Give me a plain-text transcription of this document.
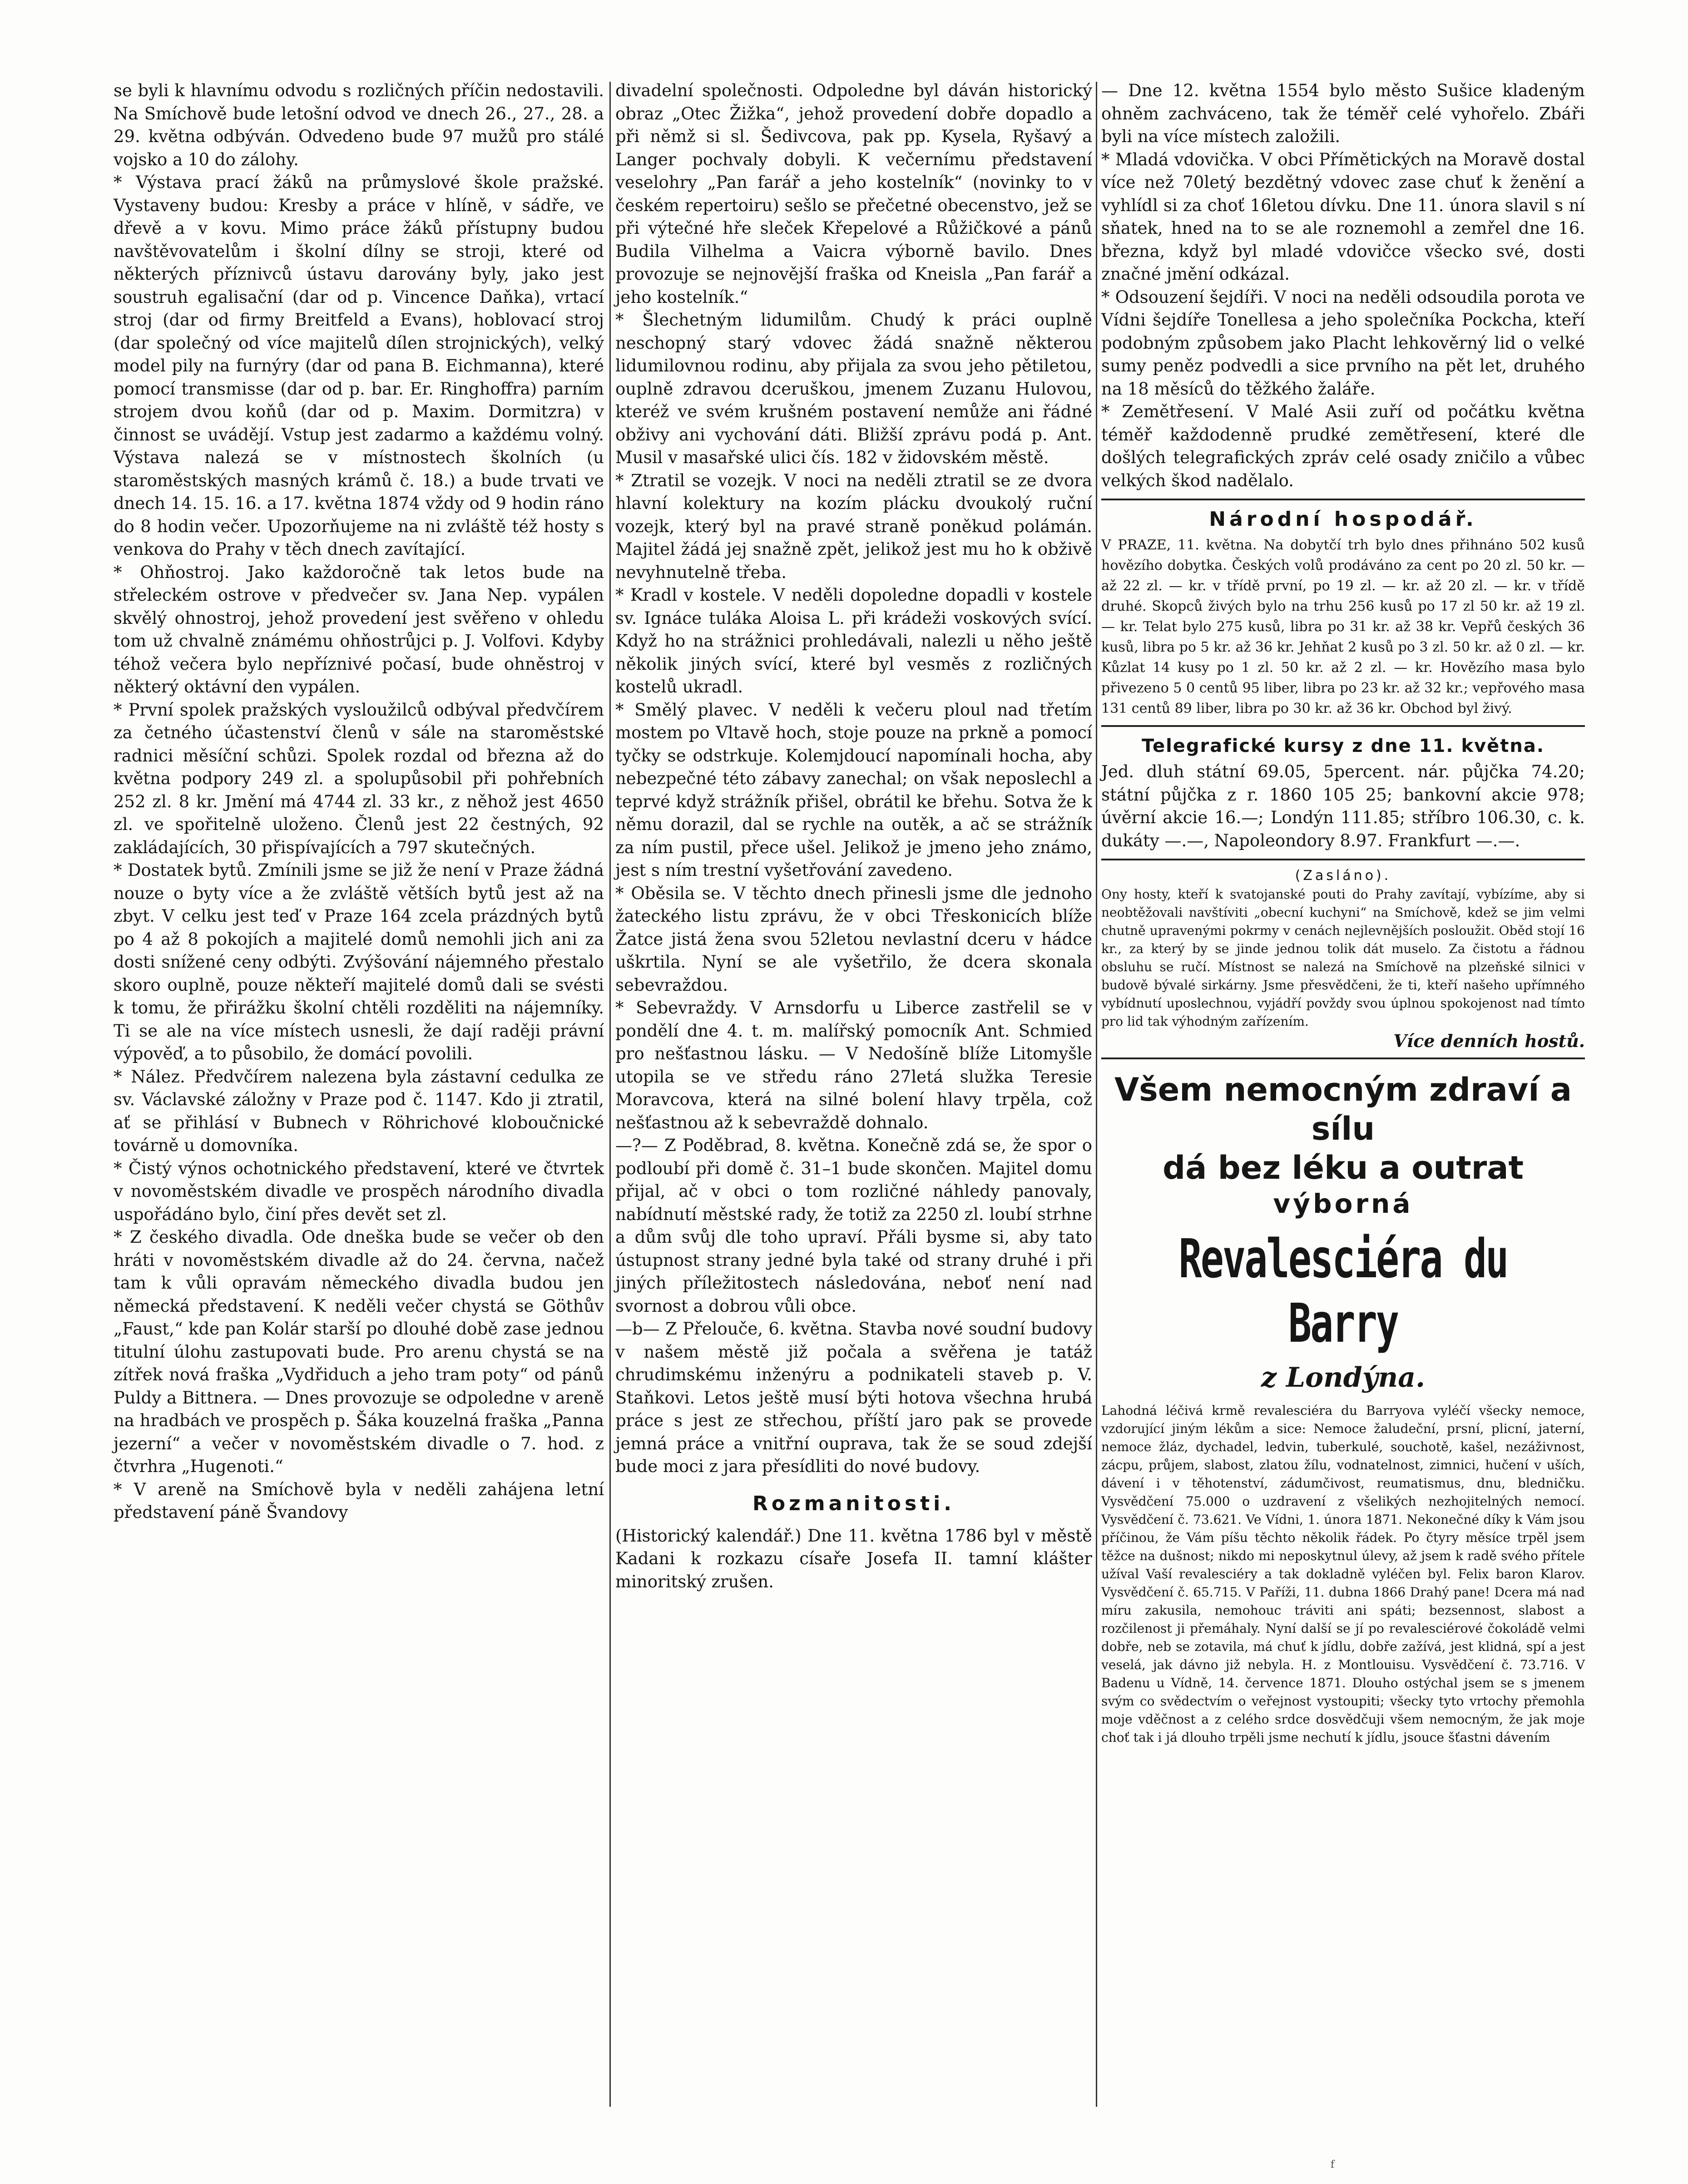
se byli k hlavnímu odvodu s rozličných příčin nedostavili. Na Smíchově bude letošní odvod ve dnech 26., 27., 28. a 29. května odbýván. Odvedeno bude 97 mužů pro stálé vojsko a 10 do zálohy.

* Výstava prací žáků na průmyslové škole pražské. Vystaveny budou: Kresby a práce v hlíně, v sádře, ve dřevě a v kovu. Mimo práce žáků přístupny budou navštěvovatelům i školní dílny se stroji, které od některých příznivců ústavu darovány byly, jako jest soustruh egalisační (dar od p. Vincence Daňka), vrtací stroj (dar od firmy Breitfeld a Evans), hoblovací stroj (dar společný od více majitelů dílen strojnických), velký model pily na furnýry (dar od pana B. Eichmanna), které pomocí transmisse (dar od p. bar. Er. Ringhoffra) parním strojem dvou koňů (dar od p. Maxim. Dormitzra) v činnost se uvádějí. Vstup jest zadarmo a každému volný. Výstava nalezá se v místnostech školních (u staroměstských masných krámů č. 18.) a bude trvati ve dnech 14. 15. 16. a 17. května 1874 vždy od 9 hodin ráno do 8 hodin večer. Upozorňujeme na ni zvláště též hosty s venkova do Prahy v těch dnech zavítající.

* Ohňostroj. Jako každoročně tak letos bude na střeleckém ostrove v předvečer sv. Jana Nep. vypálen skvělý ohnostroj, jehož provedení jest svěřeno v ohledu tom už chvalně známému ohňostrůjci p. J. Volfovi. Kdyby téhož večera bylo nepříznivé počasí, bude ohněstroj v některý oktávní den vypálen.

* První spolek pražských vysloužilců odbýval předvčírem za četného účastenství členů v sále na staroměstské radnici měsíční schůzi. Spolek rozdal od března až do května podpory 249 zl. a spolupůsobil při pohřebních 252 zl. 8 kr. Jmění má 4744 zl. 33 kr., z něhož jest 4650 zl. ve spořitelně uloženo. Členů jest 22 čestných, 92 zakládajících, 30 přispívajících a 797 skutečných.

* Dostatek bytů. Zmínili jsme se již že není v Praze žádná nouze o byty více a že zvláště větších bytů jest až na zbyt. V celku jest teď v Praze 164 zcela prázdných bytů po 4 až 8 pokojích a majitelé domů nemohli jich ani za dosti snížené ceny odbýti. Zvýšování nájemného přestalo skoro ouplně, pouze někteří majitelé domů dali se svésti k tomu, že přirážku školní chtěli rozděliti na nájemníky. Ti se ale na více místech usnesli, že dají raději právní výpověď, a to působilo, že domácí povolili.

* Nález. Předvčírem nalezena byla zástavní cedulka ze sv. Václavské záložny v Praze pod č. 1147. Kdo ji ztratil, ať se přihlásí v Bubnech v Röhrichové kloboučnické továrně u domovníka.

* Čistý výnos ochotnického představení, které ve čtvrtek v novoměstském divadle ve prospěch národního divadla uspořádáno bylo, činí přes devět set zl.

* Z českého divadla. Ode dneška bude se večer ob den hráti v novoměstském divadle až do 24. června, načež tam k vůli opravám německého divadla budou jen německá představení. K neděli večer chystá se Göthův „Faust,“ kde pan Kolár starší po dlouhé době zase jednou titulní úlohu zastupovati bude. Pro arenu chystá se na zítřek nová fraška „Vydřiduch a jeho tram poty“ od pánů Puldy a Bittnera. — Dnes provozuje se odpoledne v areně na hradbách ve prospěch p. Šáka kouzelná fraška „Panna jezerní“ a večer v novoměstském divadle o 7. hod. z čtvrhra „Hugenoti.“

* V areně na Smíchově byla v neděli zahájena letní představení páně Švandovy

divadelní společnosti. Odpoledne byl dáván historický obraz „Otec Žižka“, jehož provedení dobře dopadlo a při němž si sl. Šedivcova, pak pp. Kysela, Ryšavý a Langer pochvaly dobyli. K večernímu představení veselohry „Pan farář a jeho kostelník“ (novinky to v českém repertoiru) sešlo se přečetné obecenstvo, jež se při výtečné hře sleček Křepelové a Růžičkové a pánů Budila Vilhelma a Vaicra výborně bavilo. Dnes provozuje se nejnovější fraška od Kneisla „Pan farář a jeho kostelník.“

* Šlechetným lidumilům. Chudý k práci ouplně neschopný starý vdovec žádá snažně některou lidumilovnou rodinu, aby přijala za svou jeho pětiletou, ouplně zdravou dceruškou, jmenem Zuzanu Hulovou, kteréž ve svém krušném postavení nemůže ani řádné obživy ani vychování dáti. Bližší zprávu podá p. Ant. Musil v masařské ulici čís. 182 v židovském městě.

* Ztratil se vozejk. V noci na neděli ztratil se ze dvora hlavní kolektury na kozím plácku dvoukolý ruční vozejk, který byl na pravé straně poněkud polámán. Majitel žádá jej snažně zpět, jelikož jest mu ho k obživě nevyhnutelně třeba.

* Kradl v kostele. V neděli dopoledne dopadli v kostele sv. Ignáce tuláka Aloisa L. při krádeži voskových svící. Když ho na strážnici prohledávali, nalezli u něho ještě několik jiných svící, které byl vesměs z rozličných kostelů ukradl.

* Smělý plavec. V neděli k večeru ploul nad třetím mostem po Vltavě hoch, stoje pouze na prkně a pomocí tyčky se odstrkuje. Kolemjdoucí napomínali hocha, aby nebezpečné této zábavy zanechal; on však neposlechl a teprvé když strážník přišel, obrátil ke břehu. Sotva že k němu dorazil, dal se rychle na outěk, a ač se strážník za ním pustil, přece ušel. Jelikož je jmeno jeho známo, jest s ním trestní vyšetřování zavedeno.

* Oběsila se. V těchto dnech přinesli jsme dle jednoho žateckého listu zprávu, že v obci Třeskonicích blíže Žatce jistá žena svou 52letou nevlastní dceru v hádce uškrtila. Nyní se ale vyšetřilo, že dcera skonala sebevraždou.

* Sebevraždy. V Arnsdorfu u Liberce zastřelil se v pondělí dne 4. t. m. malířský pomocník Ant. Schmied pro nešťastnou lásku. — V Nedošíně blíže Litomyšle utopila se ve středu ráno 27letá služka Teresie Moravcova, která na silné bolení hlavy trpěla, což nešťastnou až k sebevraždě dohnalo.

—?— Z Poděbrad, 8. května. Konečně zdá se, že spor o podloubí při domě č. 31–1 bude skončen. Majitel domu přijal, ač v obci o tom rozličné náhledy panovaly, nabídnutí městské rady, že totiž za 2250 zl. loubí strhne a dům svůj dle toho upraví. Přáli bysme si, aby tato ústupnost strany jedné byla také od strany druhé i při jiných příležitostech následována, neboť není nad svornost a dobrou vůli obce.

—b— Z Přelouče, 6. května. Stavba nové soudní budovy v našem městě již počala a svěřena je tatáž chrudimskému inženýru a podnikateli staveb p. V. Staňkovi. Letos ještě musí býti hotova všechna hrubá práce s jest ze střechou, příští jaro pak se provede jemná práce a vnitřní ouprava, tak že se soud zdejší bude moci z jara přesídliti do nové budovy.

Rozmanitosti.

(Historický kalendář.) Dne 11. května 1786 byl v městě Kadani k rozkazu císaře Josefa II. tamní klášter minoritský zrušen.

— Dne 12. května 1554 bylo město Sušice kladeným ohněm zachváceno, tak že téměř celé vyhořelo. Zbáři byli na více místech založili.

* Mladá vdovička. V obci Přímětických na Moravě dostal více než 70letý bezdětný vdovec zase chuť k ženění a vyhlídl si za choť 16letou dívku. Dne 11. února slavil s ní sňatek, hned na to se ale roznemohl a zemřel dne 16. března, když byl mladé vdovičce všecko své, dosti značné jmění odkázal.

* Odsouzení šejdíři. V noci na neděli odsoudila porota ve Vídni šejdíře Tonellesa a jeho společníka Pockcha, kteří podobným způsobem jako Placht lehkověrný lid o velké sumy peněz podvedli a sice prvního na pět let, druhého na 18 měsíců do těžkého žaláře.

* Zemětřesení. V Malé Asii zuří od počátku května téměř každodenně prudké zemětřesení, které dle došlých telegrafických zpráv celé osady zničilo a vůbec velkých škod nadělalo.

Národní hospodář.

V PRAZE, 11. května. Na dobytčí trh bylo dnes přihnáno 502 kusů hovězího dobytka. Českých volů prodáváno za cent po 20 zl. 50 kr. — až 22 zl. — kr. v třídě první, po 19 zl. — kr. až 20 zl. — kr. v třídě druhé. Skopců živých bylo na trhu 256 kusů po 17 zl 50 kr. až 19 zl. — kr. Telat bylo 275 kusů, libra po 31 kr. až 38 kr. Vepřů českých 36 kusů, libra po 5 kr. až 36 kr. Jehňat 2 kusů po 3 zl. 50 kr. až 0 zl. — kr. Kůzlat 14 kusy po 1 zl. 50 kr. až 2 zl. — kr. Hovězího masa bylo přivezeno 5 0 centů 95 liber, libra po 23 kr. až 32 kr.; vepřového masa 131 centů 89 liber, libra po 30 kr. až 36 kr. Obchod byl živý.

Telegrafické kursy z dne 11. května.

Jed. dluh státní 69.05, 5percent. nár. půjčka 74.20; státní půjčka z r. 1860 105 25; bankovní akcie 978; úvěrní akcie 16.—; Londýn 111.85; stříbro 106.30, c. k. dukáty —.—, Napoleondory 8.97. Frankfurt —.—.

(Zasláno).

Ony hosty, kteří k svatojanské pouti do Prahy zavítají, vybízíme, aby si neobtěžovali navštíviti „obecní kuchyni“ na Smíchově, kdež se jim velmi chutně upravenými pokrmy v cenách nejlevnějších posloužit. Oběd stojí 16 kr., za který by se jinde jednou tolik dát muselo. Za čistotu a řádnou obsluhu se ručí. Místnost se nalezá na Smíchově na plzeňské silnici v budově bývalé sirkárny. Jsme přesvědčeni, že ti, kteří našeho upřímného vybídnutí uposlechnou, vyjádří povždy svou úplnou spokojenost nad tímto pro lid tak výhodným zařízením.

Více denních hostů.

Všem nemocným zdraví a sílu
dá bez léku a outrat
výborná
Revalesciéra du Barry
z Londýna.

Lahodná léčivá krmě revalesciéra du Barryova vyléčí všecky nemoce, vzdorující jiným lékům a sice: Nemoce žaludeční, prsní, plicní, jaterní, nemoce žláz, dychadel, ledvin, tuberkulé, souchotě, kašel, nezáživnost, zácpu, průjem, slabost, zlatou žílu, vodnatelnost, zimnici, hučení v uších, dávení i v těhotenství, zádumčivost, reumatismus, dnu, bledničku. Vysvědčení 75.000 o uzdravení z všelikých nezhojitelných nemocí. Vysvědčení č. 73.621. Ve Vídni, 1. února 1871. Nekonečné díky k Vám jsou příčinou, že Vám píšu těchto několik řádek. Po čtyry měsíce trpěl jsem těžce na dušnost; nikdo mi neposkytnul úlevy, až jsem k radě svého přítele užíval Vaší revalesciéry a tak dokladně vyléčen byl. Felix baron Klarov. Vysvědčení č. 65.715. V Paříži, 11. dubna 1866 Drahý pane! Dcera má nad míru zakusila, nemohouc tráviti ani spáti; bezsennost, slabost a rozčilenost ji přemáhaly. Nyní další se jí po revalesciérové čokoládě velmi dobře, neb se zotavila, má chuť k jídlu, dobře zažívá, jest klidná, spí a jest veselá, jak dávno již nebyla. H. z Montlouisu. Vysvědčení č. 73.716. V Badenu u Vídně, 14. července 1871. Dlouho ostýchal jsem se s jmenem svým co svědectvím o veřejnost vystoupiti; všecky tyto vrtochy přemohla moje vděčnost a z celého srdce dosvědčuji všem nemocným, že jak moje choť tak i já dlouho trpěli jsme nechutí k jídlu, jsouce šťastni dávením

f
